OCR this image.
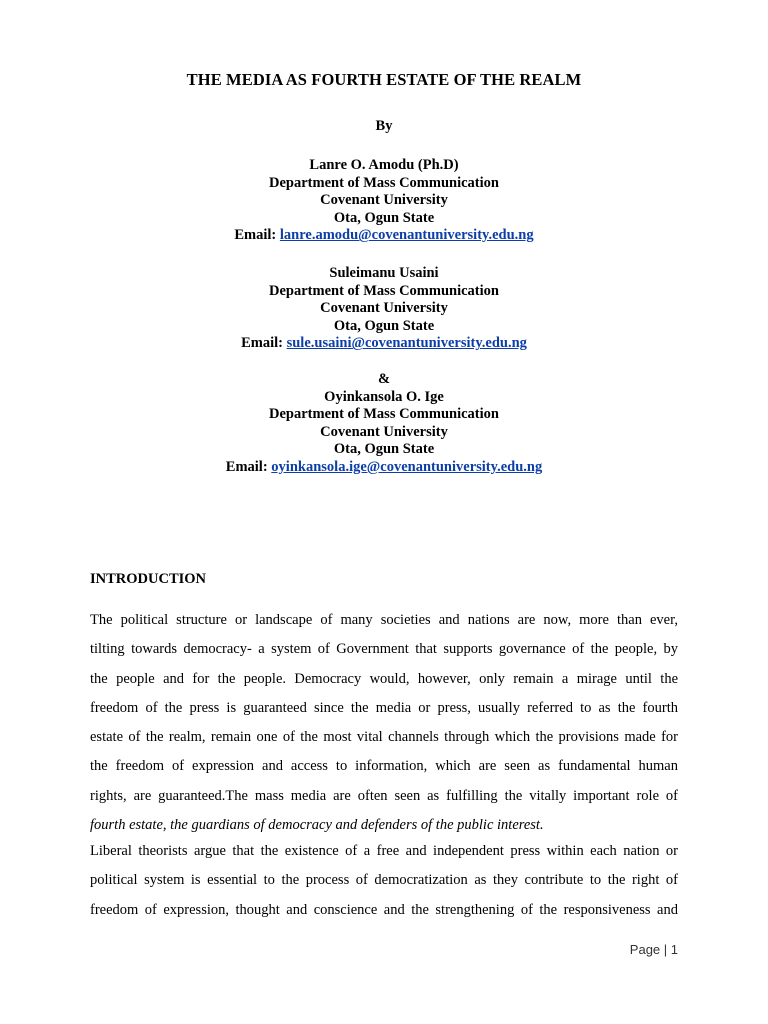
THE MEDIA AS FOURTH ESTATE OF THE REALM
By
Lanre O. Amodu (Ph.D)
Department of Mass Communication
Covenant University
Ota, Ogun State
Email: lanre.amodu@covenantuniversity.edu.ng
Suleimanu Usaini
Department of Mass Communication
Covenant University
Ota, Ogun State
Email: sule.usaini@covenantuniversity.edu.ng
&
Oyinkansola O. Ige
Department of Mass Communication
Covenant University
Ota, Ogun State
Email: oyinkansola.ige@covenantuniversity.edu.ng
INTRODUCTION
The political structure or landscape of many societies and nations are now, more than ever,
tilting towards democracy- a system of Government that supports governance of the people, by
the people and for the people. Democracy would, however, only remain a mirage until the
freedom of the press is guaranteed since the media or press, usually referred to as the fourth
estate of the realm, remain one of the most vital channels through which the provisions made for
the freedom of expression and access to information, which are seen as fundamental human
rights, are guaranteed.The mass media are often seen as fulfilling the vitally important role of
fourth estate, the guardians of democracy and defenders of the public interest.
Liberal theorists argue that the existence of a free and independent press within each nation or
political system is essential to the process of democratization as they contribute to the right of
freedom of expression, thought and conscience and the strengthening of the responsiveness and
Page | 1
